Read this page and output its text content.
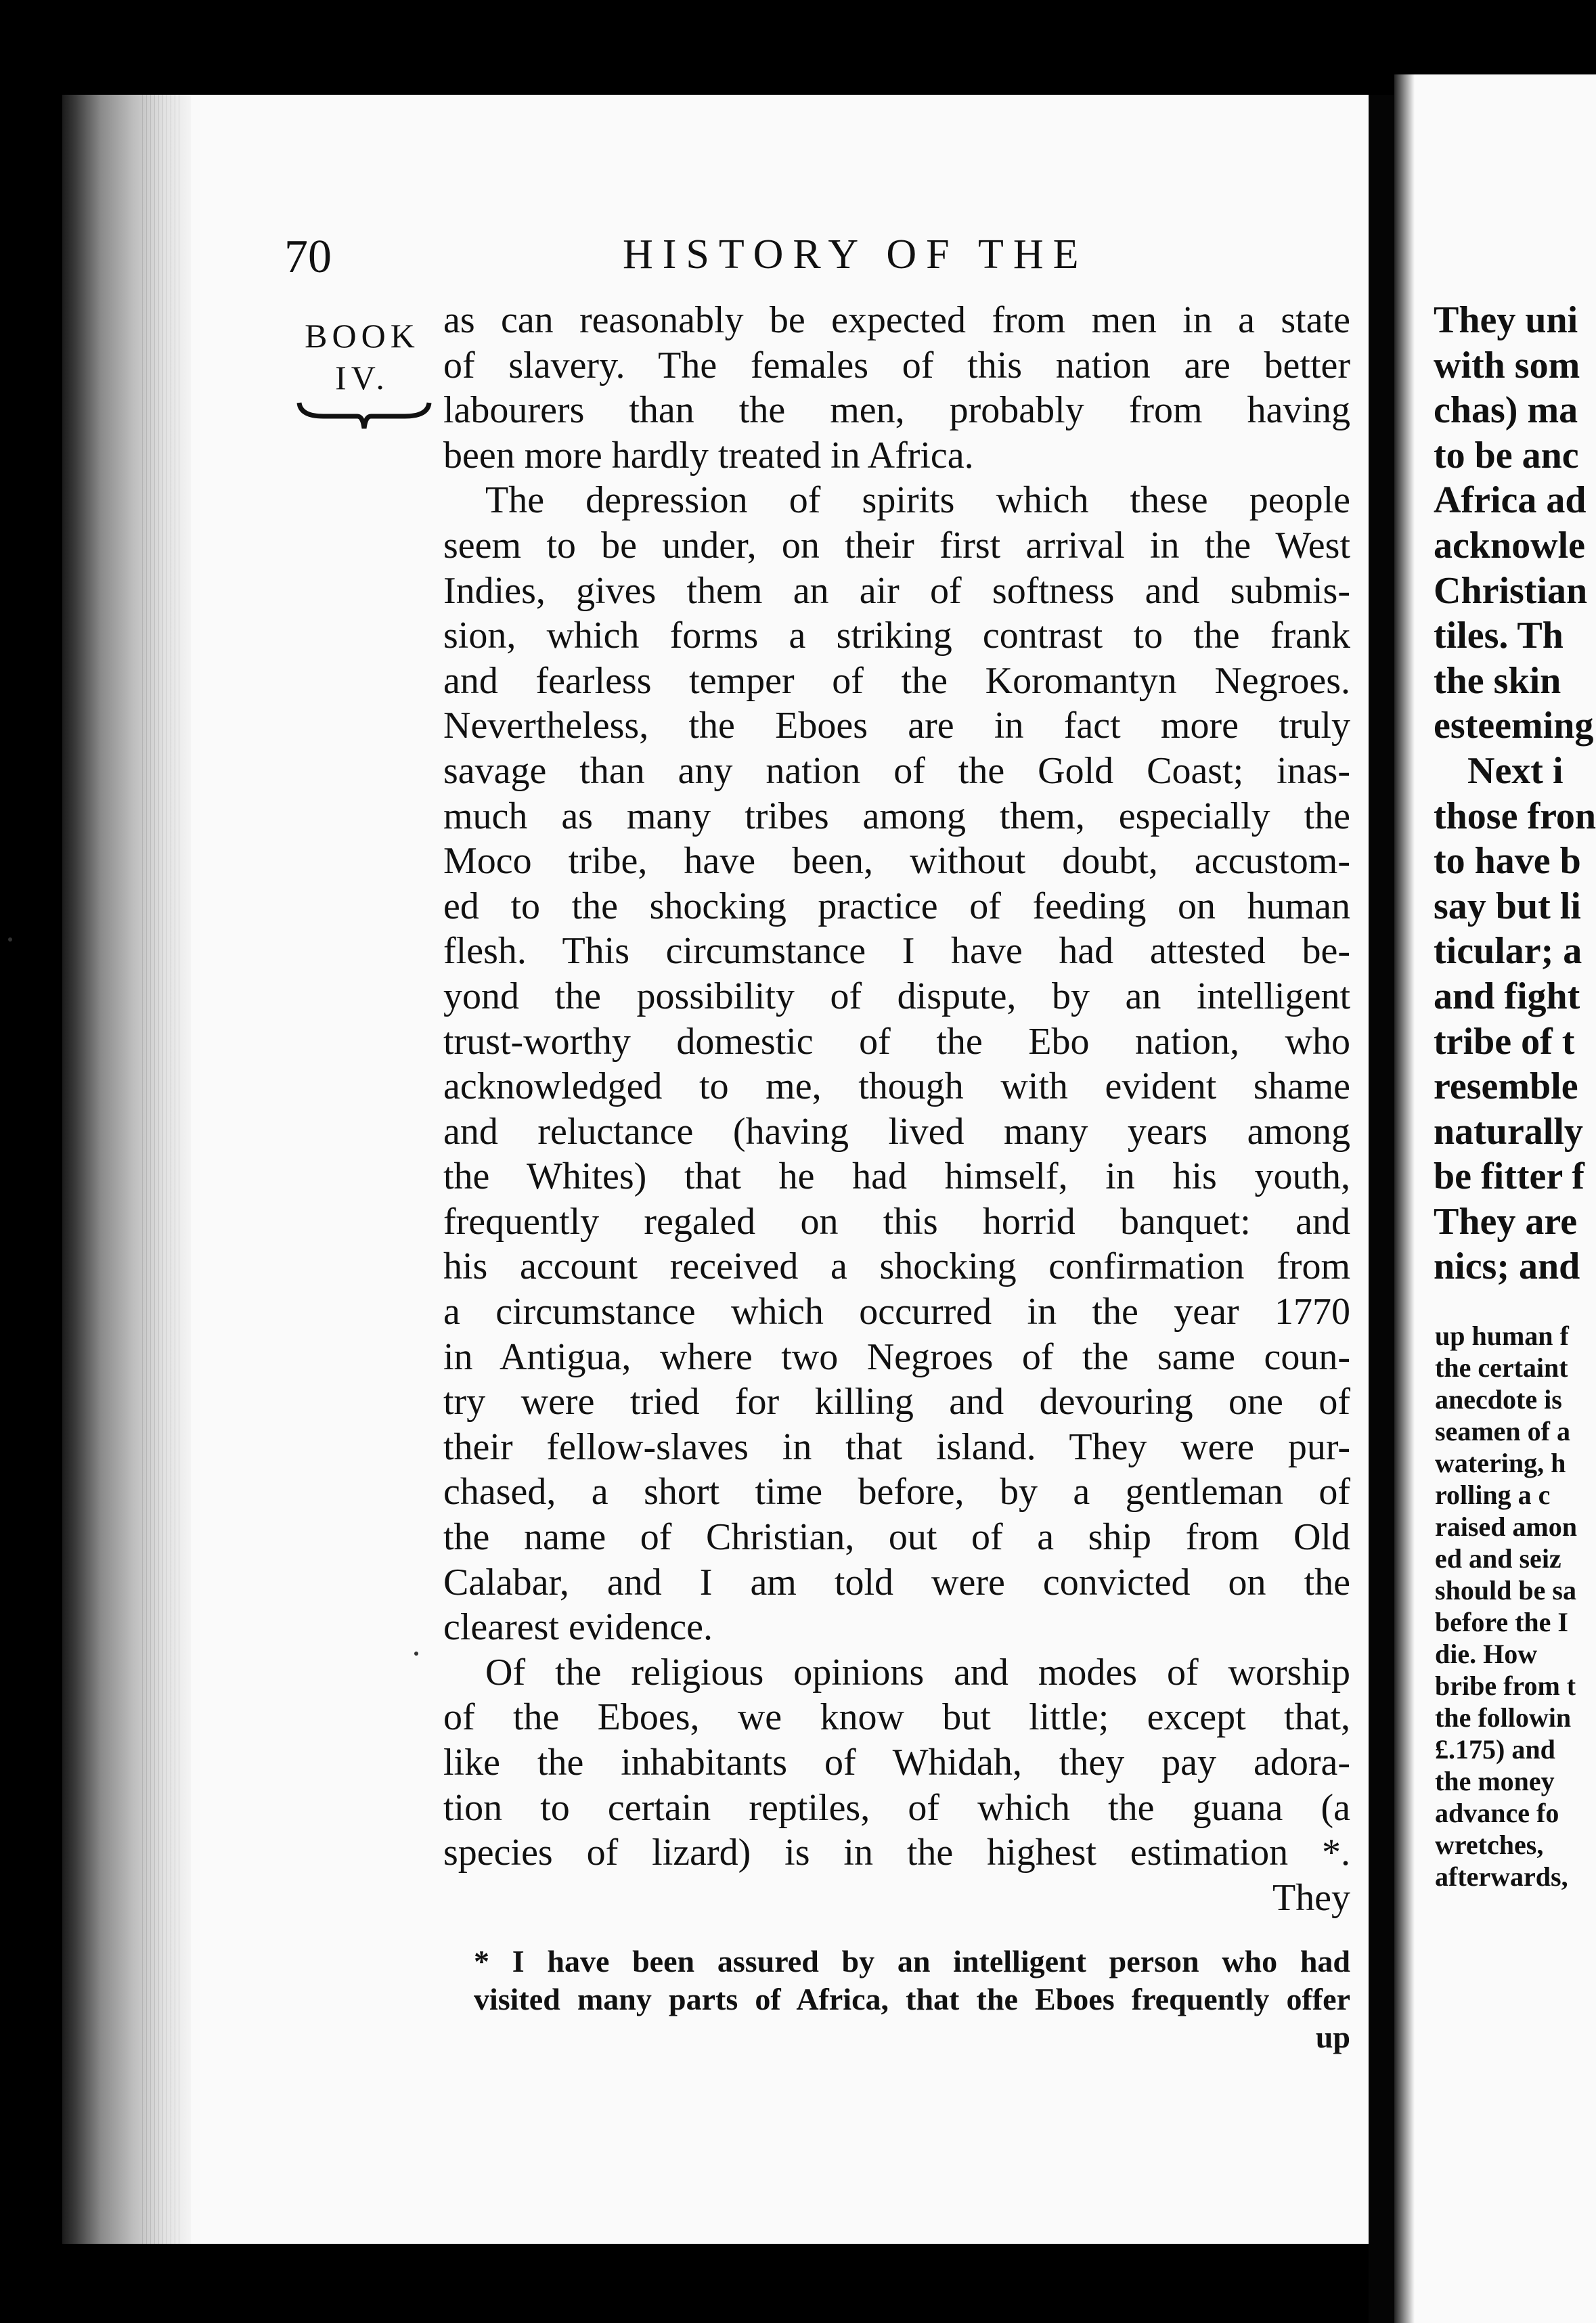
70	HISTORY OF THE
BOOK
IV.
as can reasonably be expected from men in a state
of slavery. The females of this nation are better
labourers than the men, probably from having
been more hardly treated in Africa.
The depression of spirits which these people
seem to be under, on their first arrival in the West
Indies, gives them an air of softness and submis-
sion, which forms a striking contrast to the frank
and fearless temper of the Koromantyn Negroes.
Nevertheless, the Eboes are in fact more truly
savage than any nation of the Gold Coast; inas-
much as many tribes among them, especially the
Moco tribe, have been, without doubt, accustom-
ed to the shocking practice of feeding on human
flesh. This circumstance I have had attested be-
yond the possibility of dispute, by an intelligent
trust-worthy domestic of the Ebo nation, who
acknowledged to me, though with evident shame
and reluctance (having lived many years among
the Whites) that he had himself, in his youth,
frequently regaled on this horrid banquet: and
his account received a shocking confirmation from
a circumstance which occurred in the year 1770
in Antigua, where two Negroes of the same coun-
try were tried for killing and devouring one of
their fellow-slaves in that island. They were pur-
chased, a short time before, by a gentleman of
the name of Christian, out of a ship from Old
Calabar, and I am told were convicted on the
clearest evidence.
Of the religious opinions and modes of worship
of the Eboes, we know but little; except that,
like the inhabitants of Whidah, they pay adora-
tion to certain reptiles, of which the guana (a
species of lizard) is in the highest estimation *.
They
* I have been assured by an intelligent person who had
visited many parts of Africa, that the Eboes frequently offer
up
They uni
with som
chas) ma
to be anc
Africa ad
acknowle
Christian
tiles. Th
the skin
esteeming
Next i
those fron
to have b
say but li
ticular; a
and fight
tribe of t
resemble
naturally
be fitter f
They are
nics; and
up human f
the certaint
anecdote is
seamen of a
watering, h
rolling a c
raised amon
ed and seiz
should be sa
before the I
die. How
bribe from t
the followin
£.175) and
the money
advance fo
wretches,
afterwards,
